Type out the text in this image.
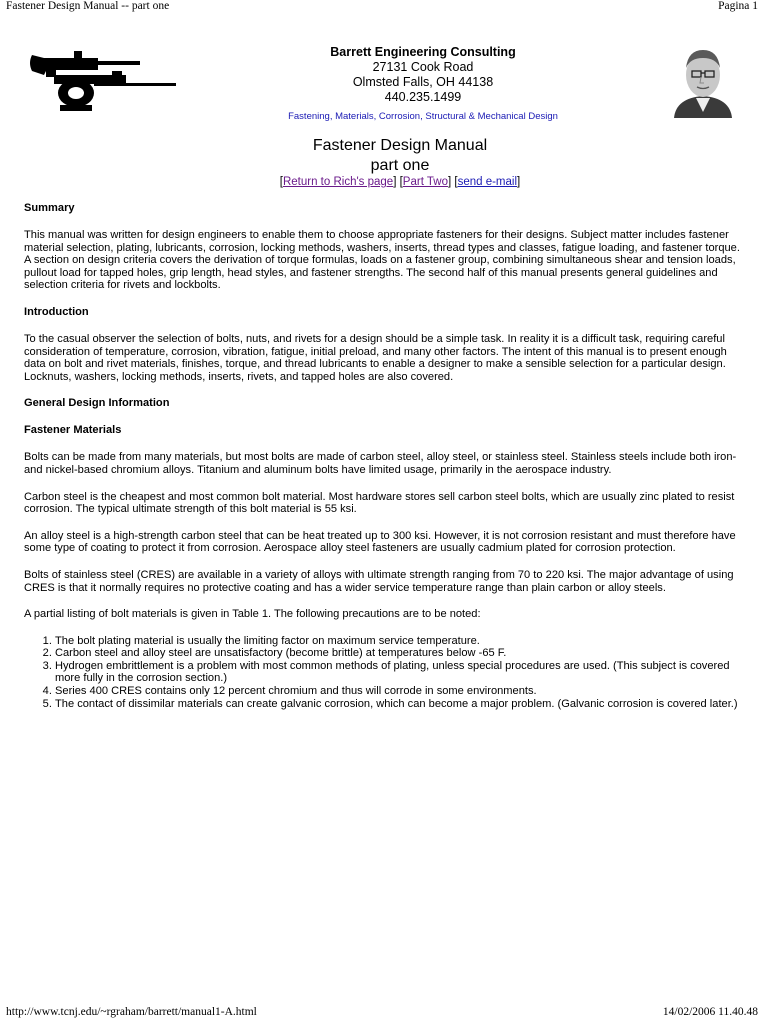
Fastener Design Manual -- part one	Pagina 1
Barrett Engineering Consulting
27131 Cook Road
Olmsted Falls, OH 44138
440.235.1499
Fastening, Materials, Corrosion, Structural & Mechanical Design
Fastener Design Manual
part one
[Return to Rich's page] [Part Two] [send e-mail]
Summary

This manual was written for design engineers to enable them to choose appropriate fasteners for their designs. Subject matter includes fastener material selection, plating, lubricants, corrosion, locking methods, washers, inserts, thread types and classes, fatigue loading, and fastener torque. A section on design criteria covers the derivation of torque formulas, loads on a fastener group, combining simultaneous shear and tension loads, pullout load for tapped holes, grip length, head styles, and fastener strengths. The second half of this manual presents general guidelines and selection criteria for rivets and lockbolts.

Introduction

To the casual observer the selection of bolts, nuts, and rivets for a design should be a simple task. In reality it is a difficult task, requiring careful consideration of temperature, corrosion, vibration, fatigue, initial preload, and many other factors. The intent of this manual is to present enough data on bolt and rivet materials, finishes, torque, and thread lubricants to enable a designer to make a sensible selection for a particular design. Locknuts, washers, locking methods, inserts, rivets, and tapped holes are also covered.

General Design Information
Fastener Materials

Bolts can be made from many materials, but most bolts are made of carbon steel, alloy steel, or stainless steel. Stainless steels include both iron- and nickel-based chromium alloys. Titanium and aluminum bolts have limited usage, primarily in the aerospace industry.

Carbon steel is the cheapest and most common bolt material. Most hardware stores sell carbon steel bolts, which are usually zinc plated to resist corrosion. The typical ultimate strength of this bolt material is 55 ksi.

An alloy steel is a high-strength carbon steel that can be heat treated up to 300 ksi. However, it is not corrosion resistant and must therefore have some type of coating to protect it from corrosion. Aerospace alloy steel fasteners are usually cadmium plated for corrosion protection.

Bolts of stainless steel (CRES) are available in a variety of alloys with ultimate strength ranging from 70 to 220 ksi. The major advantage of using CRES is that it normally requires no protective coating and has a wider service temperature range than plain carbon or alloy steels.

A partial listing of bolt materials is given in Table 1. The following precautions are to be noted:

1. The bolt plating material is usually the limiting factor on maximum service temperature.
2. Carbon steel and alloy steel are unsatisfactory (become brittle) at temperatures below -65 F.
3. Hydrogen embrittlement is a problem with most common methods of plating, unless special procedures are used. (This subject is covered more fully in the corrosion section.)
4. Series 400 CRES contains only 12 percent chromium and thus will corrode in some environments.
5. The contact of dissimilar materials can create galvanic corrosion, which can become a major problem. (Galvanic corrosion is covered later.)
http://www.tcnj.edu/~rgraham/barrett/manual1-A.html	14/02/2006 11.40.48
